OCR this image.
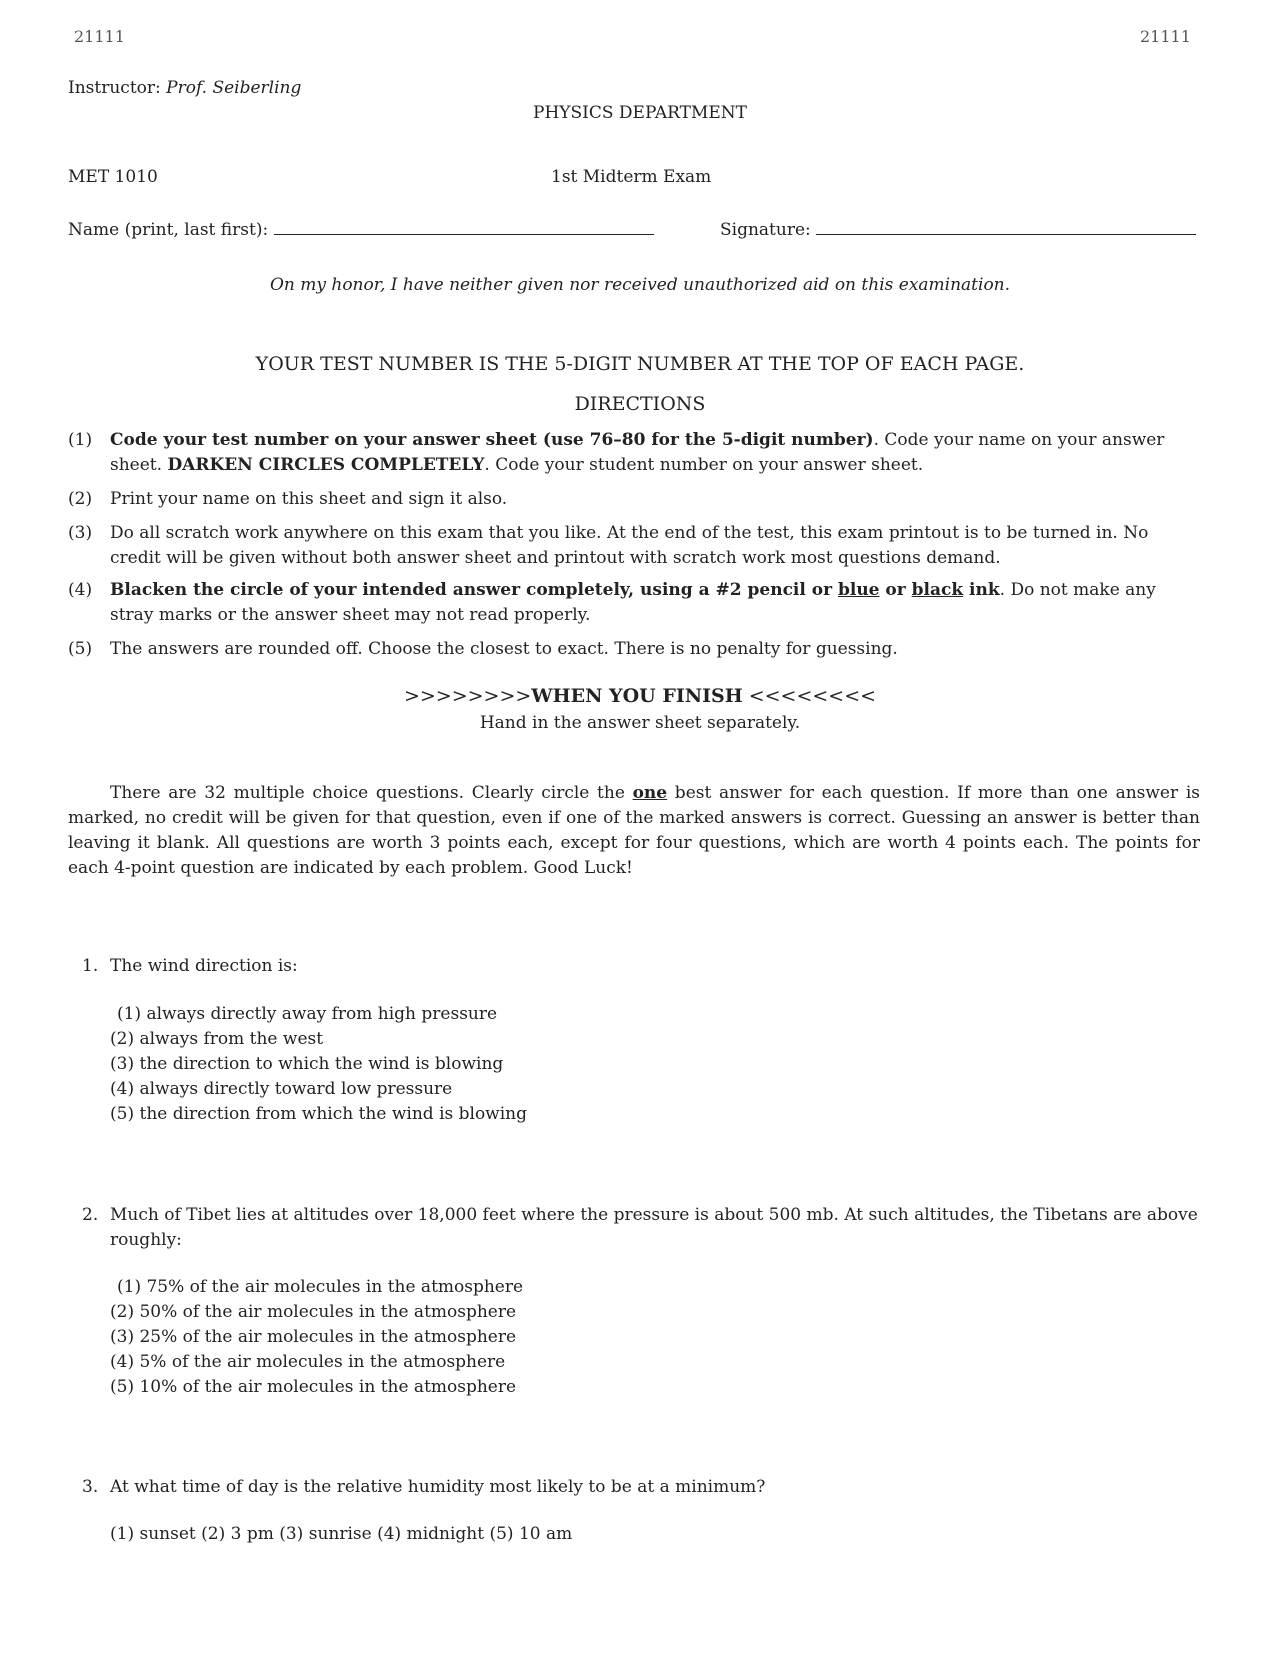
21111	21111
Instructor: Prof. Seiberling
PHYSICS DEPARTMENT
MET 1010	1st Midterm Exam
Name (print, last first):	Signature:
On my honor, I have neither given nor received unauthorized aid on this examination.
YOUR TEST NUMBER IS THE 5-DIGIT NUMBER AT THE TOP OF EACH PAGE.
DIRECTIONS
(1) Code your test number on your answer sheet (use 76–80 for the 5-digit number). Code your name on your answer sheet. DARKEN CIRCLES COMPLETELY. Code your student number on your answer sheet.
(2) Print your name on this sheet and sign it also.
(3) Do all scratch work anywhere on this exam that you like. At the end of the test, this exam printout is to be turned in. No credit will be given without both answer sheet and printout with scratch work most questions demand.
(4) Blacken the circle of your intended answer completely, using a #2 pencil or blue or black ink. Do not make any stray marks or the answer sheet may not read properly.
(5) The answers are rounded off. Choose the closest to exact. There is no penalty for guessing.
>>>>>>>>WHEN YOU FINISH <<<<<<<<
Hand in the answer sheet separately.
There are 32 multiple choice questions. Clearly circle the one best answer for each question. If more than one answer is marked, no credit will be given for that question, even if one of the marked answers is correct. Guessing an answer is better than leaving it blank. All questions are worth 3 points each, except for four questions, which are worth 4 points each. The points for each 4-point question are indicated by each problem. Good Luck!
1. The wind direction is:
(1) always directly away from high pressure
(2) always from the west
(3) the direction to which the wind is blowing
(4) always directly toward low pressure
(5) the direction from which the wind is blowing
2. Much of Tibet lies at altitudes over 18,000 feet where the pressure is about 500 mb. At such altitudes, the Tibetans are above roughly:
(1) 75% of the air molecules in the atmosphere
(2) 50% of the air molecules in the atmosphere
(3) 25% of the air molecules in the atmosphere
(4) 5% of the air molecules in the atmosphere
(5) 10% of the air molecules in the atmosphere
3. At what time of day is the relative humidity most likely to be at a minimum?
(1) sunset (2) 3 pm (3) sunrise (4) midnight (5) 10 am
